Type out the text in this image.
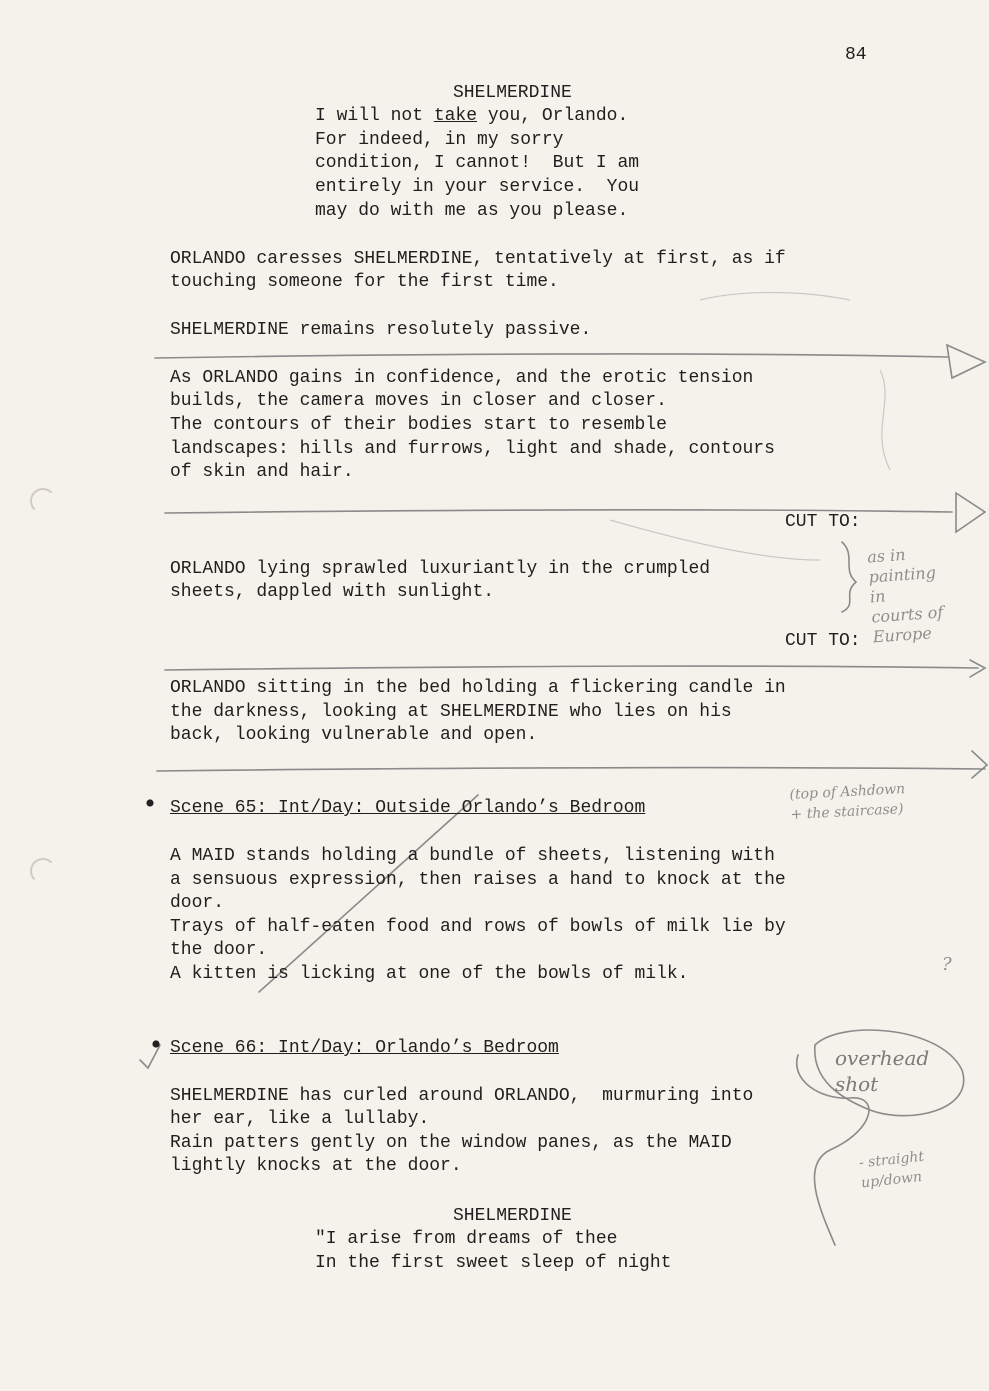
84
SHELMERDINE
I will not take you, Orlando.
For indeed, in my sorry
condition, I cannot!  But I am
entirely in your service.  You
may do with me as you please.
ORLANDO caresses SHELMERDINE, tentatively at first, as if
touching someone for the first time.
SHELMERDINE remains resolutely passive.
As ORLANDO gains in confidence, and the erotic tension
builds, the camera moves in closer and closer.
The contours of their bodies start to resemble
landscapes: hills and furrows, light and shade, contours
of skin and hair.
CUT TO:
ORLANDO lying sprawled luxuriantly in the crumpled
sheets, dappled with sunlight.
CUT TO:
ORLANDO sitting in the bed holding a flickering candle in
the darkness, looking at SHELMERDINE who lies on his
back, looking vulnerable and open.
Scene 65: Int/Day: Outside Orlando’s Bedroom
A MAID stands holding a bundle of sheets, listening with
a sensuous expression, then raises a hand to knock at the
door.
Trays of half-eaten food and rows of bowls of milk lie by
the door.
A kitten is licking at one of the bowls of milk.
Scene 66: Int/Day: Orlando’s Bedroom
SHELMERDINE has curled around ORLANDO,  murmuring into
her ear, like a lullaby.
Rain patters gently on the window panes, as the MAID
lightly knocks at the door.
SHELMERDINE
"I arise from dreams of thee
In the first sweet sleep of night
as in
painting
in
courts of
Europe
(top of Ashdown
+ the staircase)
overhead
shot
- straight
up/down
?
